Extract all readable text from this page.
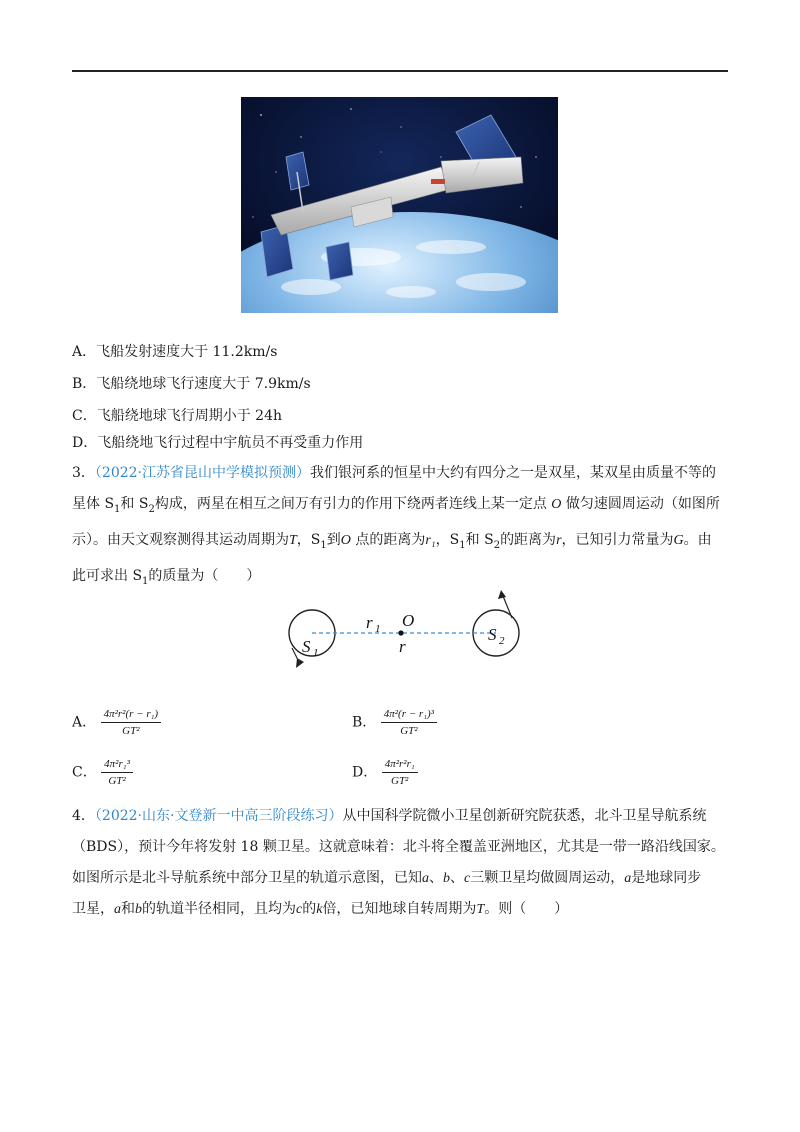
A．飞船发射速度大于 11.2km/s
B．飞船绕地球飞行速度大于 7.9km/s
C．飞船绕地球飞行周期小于 24h
D．飞船绕地飞行过程中宇航员不再受重力作用
3．（2022·江苏省昆山中学模拟预测）我们银河系的恒星中大约有四分之一是双星，某双星由质量不等的
星体 $S_1$和 $S_2$构成，两星在相互之间万有引力的作用下绕两者连线上某一定点 O 做匀速圆周运动（如图所
示）。由天文观察测得其运动周期为T，$S_1$到O 点的距离为r₁，$S_1$和 $S_2$的距离为r，已知引力常量为G。由
此可求出 $S_1$的质量为（　　）
r 1 O
r
S 1
S 2
A． $\frac{\text{4π²r²(r − r₁)}}{\text{GT²}}$	B． $\frac{\text{4π²(r − r₁)³}}{\text{GT²}}$
C． $\frac{\text{4π²r₁³}}{\text{GT²}}$	D． $\frac{\text{4π²r²r₁}}{\text{GT²}}$
4．（2022·山东·文登新一中高三阶段练习）从中国科学院微小卫星创新研究院获悉，北斗卫星导航系统
（BDS），预计今年将发射 18 颗卫星。这就意味着：北斗将全覆盖亚洲地区，尤其是一带一路沿线国家。
如图所示是北斗导航系统中部分卫星的轨道示意图，已知a、b、c三颗卫星均做圆周运动，a是地球同步
卫星，a和b的轨道半径相同，且均为c的k倍，已知地球自转周期为T。则（　　）
